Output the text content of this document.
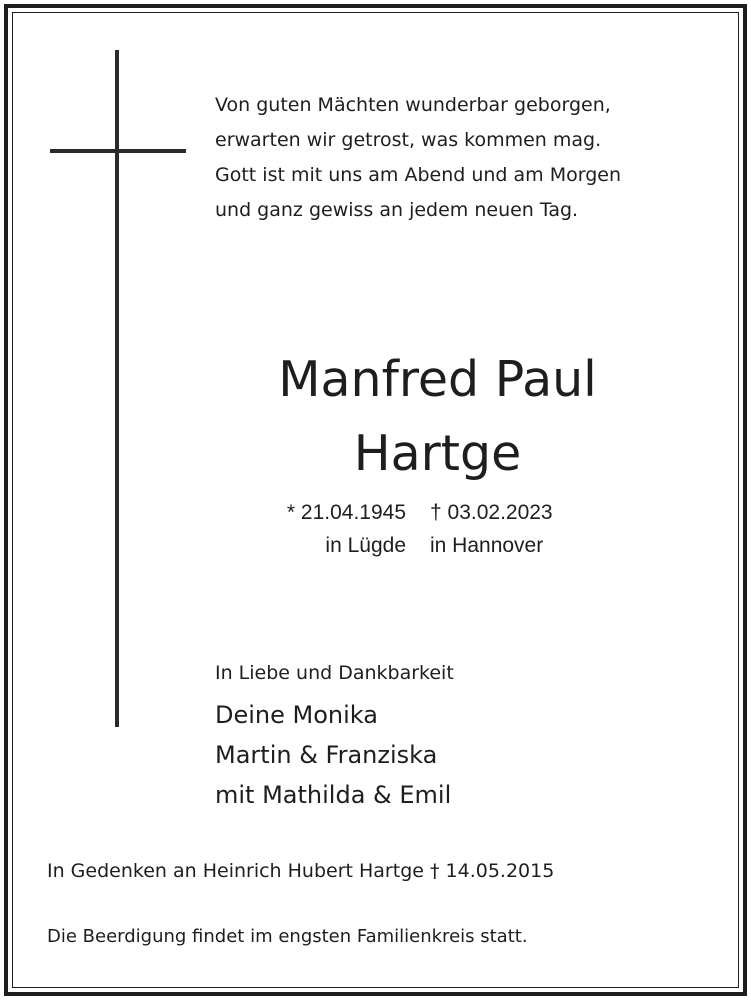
Von guten Mächten wunderbar geborgen,
erwarten wir getrost, was kommen mag.
Gott ist mit uns am Abend und am Morgen
und ganz gewiss an jedem neuen Tag.
Manfred Paul
Hartge
* 21.04.1945
in Lügde
† 03.02.2023
in Hannover
In Liebe und Dankbarkeit
Deine Monika
Martin & Franziska
mit Mathilda & Emil
In Gedenken an Heinrich Hubert Hartge † 14.05.2015
Die Beerdigung findet im engsten Familienkreis statt.
